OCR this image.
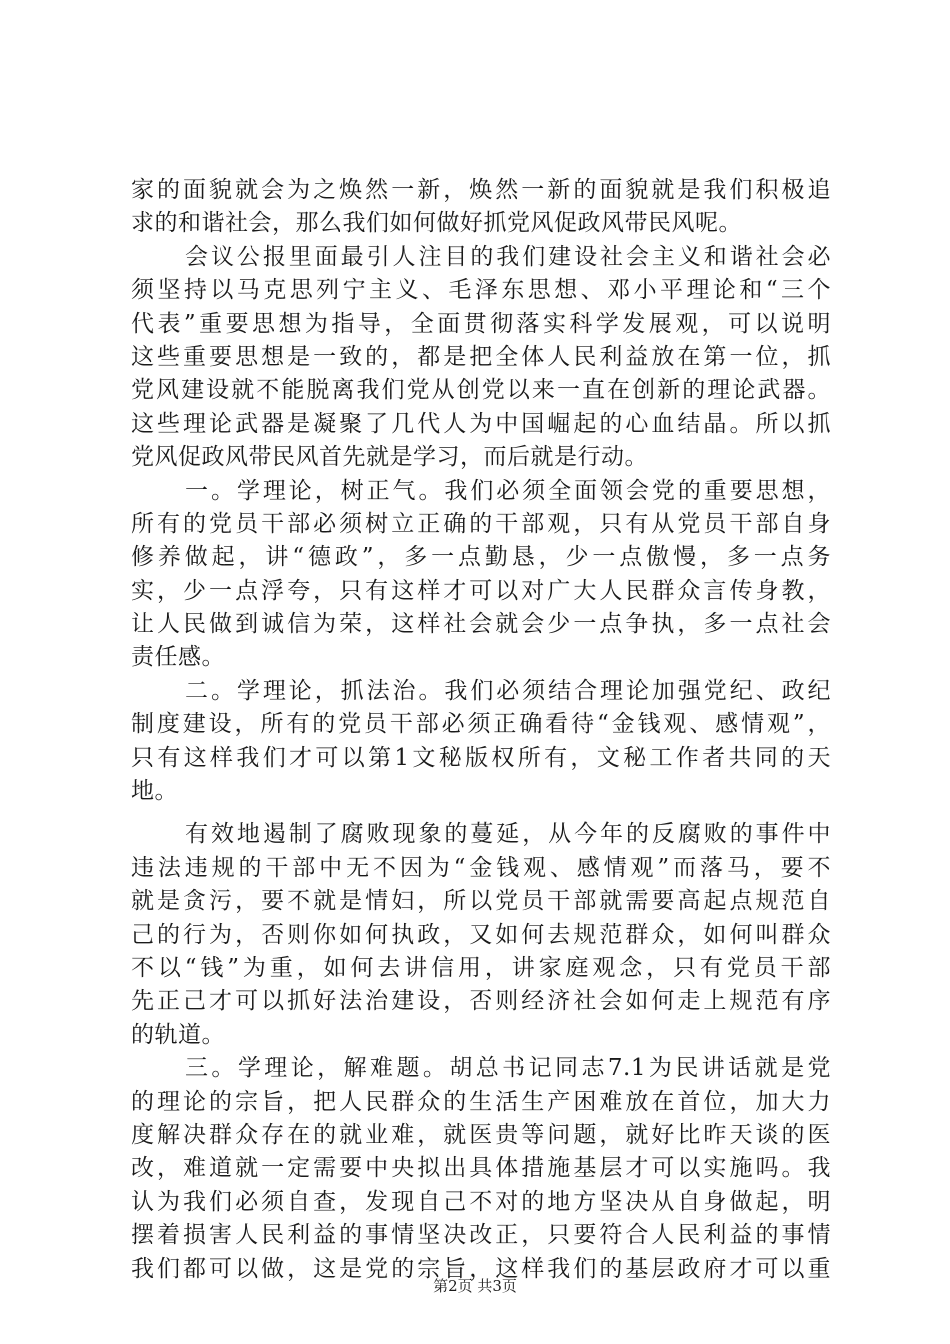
家的面貌就会为之焕然一新，焕然一新的面貌就是我们积极追
求的和谐社会，那么我们如何做好抓党风促政风带民风呢。
会议公报里面最引人注目的我们建设社会主义和谐社会必
须坚持以马克思列宁主义、毛泽东思想、邓小平理论和“三个
代表”重要思想为指导，全面贯彻落实科学发展观，可以说明
这些重要思想是一致的，都是把全体人民利益放在第一位，抓
党风建设就不能脱离我们党从创党以来一直在创新的理论武器。
这些理论武器是凝聚了几代人为中国崛起的心血结晶。所以抓
党风促政风带民风首先就是学习，而后就是行动。
一。学理论，树正气。我们必须全面领会党的重要思想，
所有的党员干部必须树立正确的干部观，只有从党员干部自身
修养做起，讲“德政”，多一点勤恳，少一点傲慢，多一点务
实，少一点浮夸，只有这样才可以对广大人民群众言传身教，
让人民做到诚信为荣，这样社会就会少一点争执，多一点社会
责任感。
二。学理论，抓法治。我们必须结合理论加强党纪、政纪
制度建设，所有的党员干部必须正确看待“金钱观、感情观”，
只有这样我们才可以第1文秘版权所有，文秘工作者共同的天
地。
有效地遏制了腐败现象的蔓延，从今年的反腐败的事件中
违法违规的干部中无不因为“金钱观、感情观”而落马，要不
就是贪污，要不就是情妇，所以党员干部就需要高起点规范自
己的行为，否则你如何执政，又如何去规范群众，如何叫群众
不以“钱”为重，如何去讲信用，讲家庭观念，只有党员干部
先正己才可以抓好法治建设，否则经济社会如何走上规范有序
的轨道。
三。学理论，解难题。胡总书记同志7.1为民讲话就是党
的理论的宗旨，把人民群众的生活生产困难放在首位，加大力
度解决群众存在的就业难，就医贵等问题，就好比昨天谈的医
改，难道就一定需要中央拟出具体措施基层才可以实施吗。我
认为我们必须自查，发现自己不对的地方坚决从自身做起，明
摆着损害人民利益的事情坚决改正，只要符合人民利益的事情
我们都可以做，这是党的宗旨，这样我们的基层政府才可以重
第2页 共3页
